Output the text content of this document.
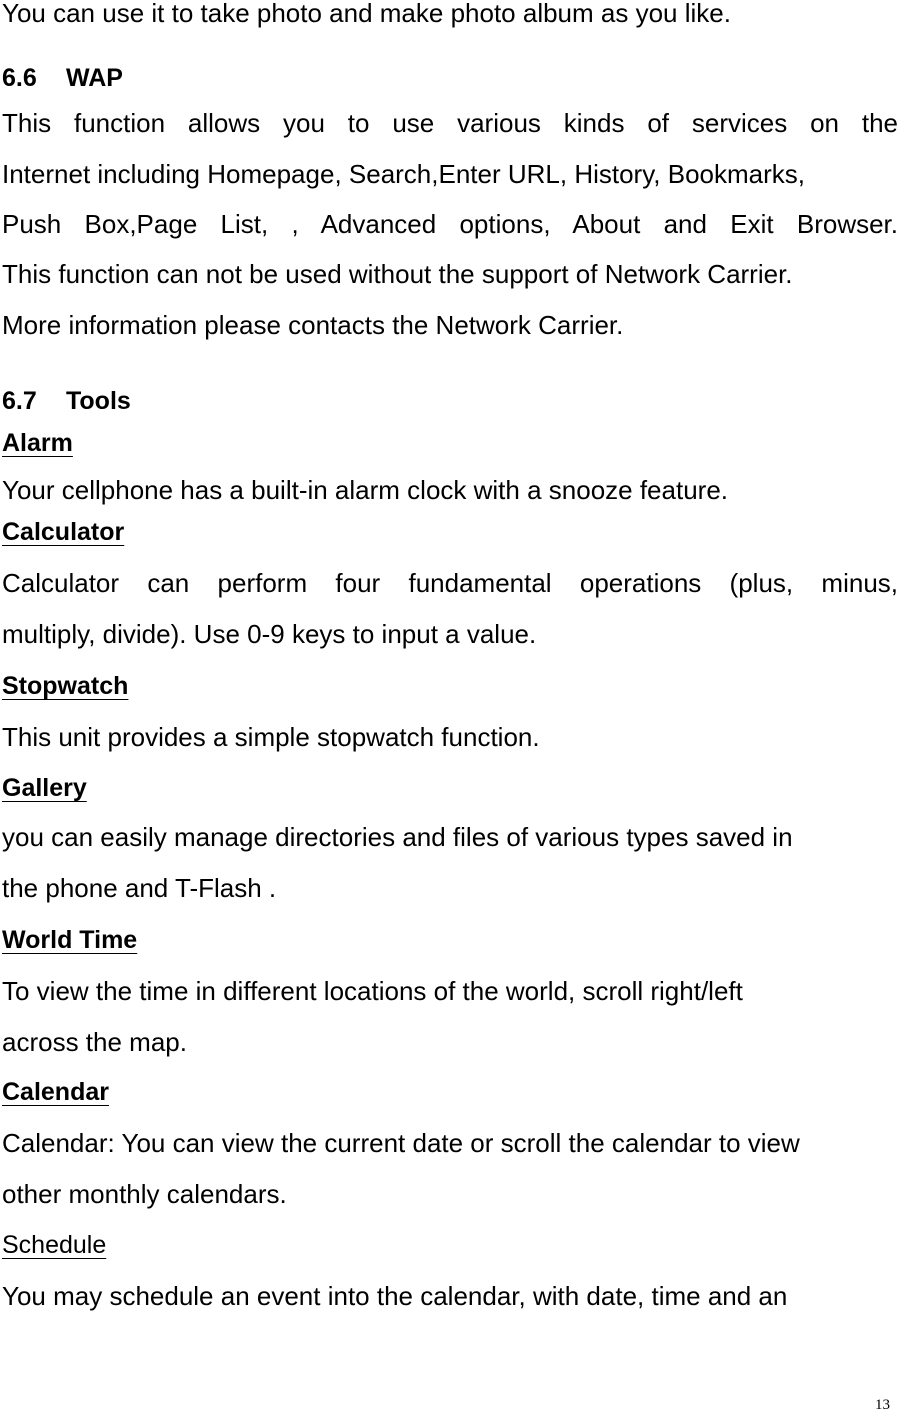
You can use it to take photo and make photo album as you like.

6.6 WAP

This function allows you to use various kinds of services on the

Internet including Homepage, Search,Enter URL, History, Bookmarks,

Push Box,Page List, , Advanced options, About and Exit Browser.

This function can not be used without the support of Network Carrier.

More information please contacts the Network Carrier.

6.7 Tools
Alarm

Your cellphone has a built-in alarm clock with a snooze feature.

Calculator

Calculator can perform four fundamental operations (plus, minus,

multiply, divide). Use 0-9 keys to input a value.

Stopwatch

This unit provides a simple stopwatch function.

Gallery

you can easily manage directories and files of various types saved in

the phone and T-Flash .

World Time

To view the time in different locations of the world, scroll right/left

across the map.

Calendar

Calendar: You can view the current date or scroll the calendar to view

other monthly calendars.

Schedule

You may schedule an event into the calendar, with date, time and an

13
